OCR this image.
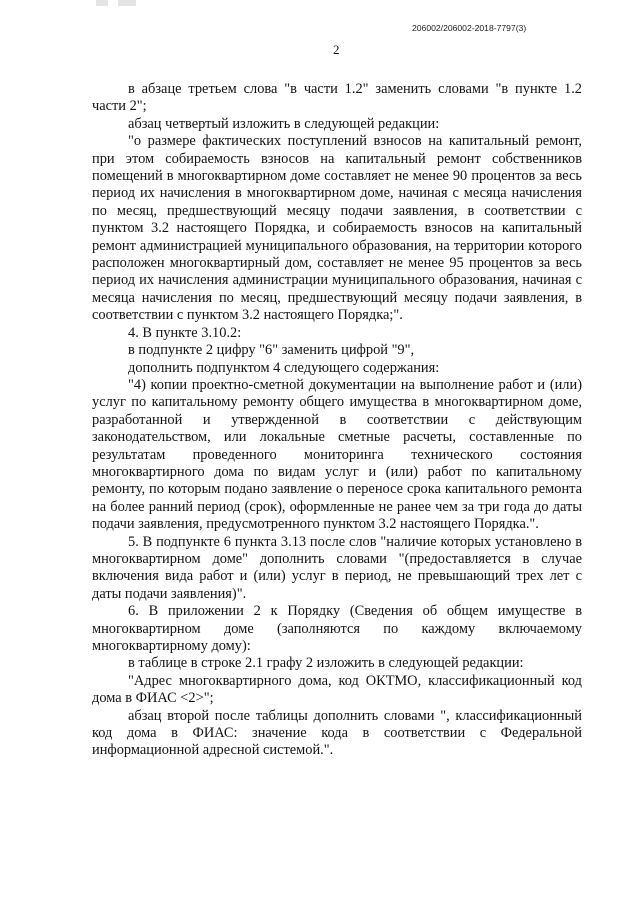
206002/206002-2018-7797(3)
2

в абзаце третьем слова "в части 1.2" заменить словами "в пункте 1.2 части 2";

абзац четвертый изложить в следующей редакции:

"о размере фактических поступлений взносов на капитальный ремонт, при этом собираемость взносов на капитальный ремонт собственников помещений в многоквартирном доме составляет не менее 90 процентов за весь период их начисления в многоквартирном доме, начиная с месяца начисления по месяц, предшествующий месяцу подачи заявления, в соответствии с пунктом 3.2 настоящего Порядка, и собираемость взносов на капитальный ремонт администрацией муниципального образования, на территории которого расположен многоквартирный дом, составляет не менее 95 процентов за весь период их начисления администрации муниципального образования, начиная с месяца начисления по месяц, предшествующий месяцу подачи заявления, в соответствии с пунктом 3.2 настоящего Порядка;".

4. В пункте 3.10.2:

в подпункте 2 цифру "6" заменить цифрой "9",

дополнить подпунктом 4 следующего содержания:

"4) копии проектно-сметной документации на выполнение работ и (или) услуг по капитальному ремонту общего имущества в многоквартирном доме, разработанной и утвержденной в соответствии с действующим законодательством, или локальные сметные расчеты, составленные по результатам проведенного мониторинга технического состояния многоквартирного дома по видам услуг и (или) работ по капитальному ремонту, по которым подано заявление о переносе срока капитального ремонта на более ранний период (срок), оформленные не ранее чем за три года до даты подачи заявления, предусмотренного пунктом 3.2 настоящего Порядка.".

5. В подпункте 6 пункта 3.13 после слов "наличие которых установлено в многоквартирном доме" дополнить словами "(предоставляется в случае включения вида работ и (или) услуг в период, не превышающий трех лет с даты подачи заявления)".

6. В приложении 2 к Порядку (Сведения об общем имуществе в многоквартирном доме (заполняются по каждому включаемому многоквартирному дому):

в таблице в строке 2.1 графу 2 изложить в следующей редакции:

"Адрес многоквартирного дома, код ОКТМО, классификационный код дома в ФИАС <2>";

абзац второй после таблицы дополнить словами ", классификационный код дома в ФИАС: значение кода в соответствии с Федеральной информационной адресной системой.".
